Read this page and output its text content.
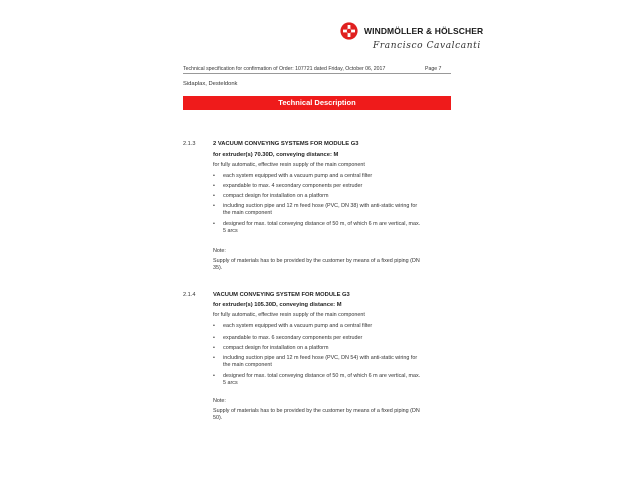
WINDMÖLLER & HÖLSCHER
Francisco Cavalcanti
Technical specification for confirmation of Order: 107721 dated Friday, October 06, 2017	Page 7
Sidaplax, Desteldonk
Technical Description
2.1.3	2 VACUUM CONVEYING SYSTEMS FOR MODULE G3
for extruder(s) 70.30D, conveying distance: M
for fully automatic, effective resin supply of the main component
• each system equipped with a vacuum pump and a central filter
• expandable to max. 4 secondary components per extruder
• compact design for installation on a platform
• including suction pipe and 12 m feed hose (PVC, DN 38) with anti-static wiring for the main component
• designed for max. total conveying distance of 50 m, of which 6 m are vertical, max. 5 arcs
Note:
Supply of materials has to be provided by the customer by means of a fixed piping (DN 35).
2.1.4	VACUUM CONVEYING SYSTEM FOR MODULE G3
for extruder(s) 105.30D, conveying distance: M
for fully automatic, effective resin supply of the main component
• each system equipped with a vacuum pump and a central filter
• expandable to max. 6 secondary components per extruder
• compact design for installation on a platform
• including suction pipe and 12 m feed hose (PVC, DN 54) with anti-static wiring for the main component
• designed for max. total conveying distance of 50 m, of which 6 m are vertical, max. 5 arcs
Note:
Supply of materials has to be provided by the customer by means of a fixed piping (DN 50).
